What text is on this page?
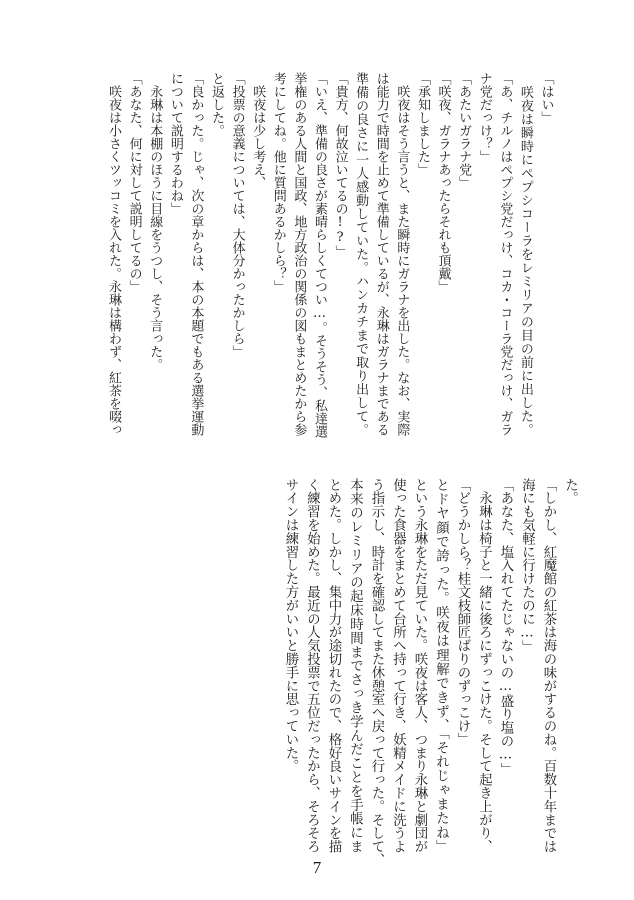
「はい」
　咲夜は瞬時にペプシコーラをレミリアの目の前に出した。
「あ、チルノはペプシ党だっけ、コカ・コーラ党だっけ、ガラ
ナ党だっけ？」
「あたいガラナ党」
「咲夜、ガラナあったらそれも頂戴」
「承知しました」
　咲夜はそう言うと、また瞬時にガラナを出した。なお、実際
は能力で時間を止めて準備しているが、永琳はガラナまである
準備の良さに一人感動していた。ハンカチまで取り出して。
「貴方、何故泣いてるの!?」
「いえ、準備の良さが素晴らしくてつい…。そうそう、私達選
挙権のある人間と国政、地方政治の関係の図もまとめたから参
考にしてね。他に質問あるかしら？」
　咲夜は少し考え、
「投票の意義については、大体分かったかしら」
と返した。
「良かった。じゃ、次の章からは、本の本題でもある選挙運動
について説明するわね」
　永琳は本棚のほうに目線をうつし、そう言った。
「あなた、何に対して説明してるの」
　咲夜は小さくツッコミを入れた。永琳は構わず、紅茶を啜っ
た。
「しかし、紅魔館の紅茶は海の味がするのね。百数十年までは
海にも気軽に行けたのに…」
「あなた、塩入れてたじゃないの…盛り塩の…」
　永琳は椅子と一緒に後ろにずっこけた。そして起き上がり、
「どうかしら？桂文枝師匠ばりのずっこけ」
とドヤ顔で誇った。咲夜は理解できず、「それじゃまたね」
という永琳をただ見ていた。咲夜は客人、つまり永琳と劇団が
使った食器をまとめて台所へ持って行き、妖精メイドに洗うよ
う指示し、時計を確認してまた休憩室へ戻って行った。そして、
本来のレミリアの起床時間までさっき学んだことを手帳にま
とめた。しかし、集中力が途切れたので、格好良いサインを描
く練習を始めた。最近の人気投票で五位だったから、そろそろ
サインは練習した方がいいと勝手に思っていた。
7
